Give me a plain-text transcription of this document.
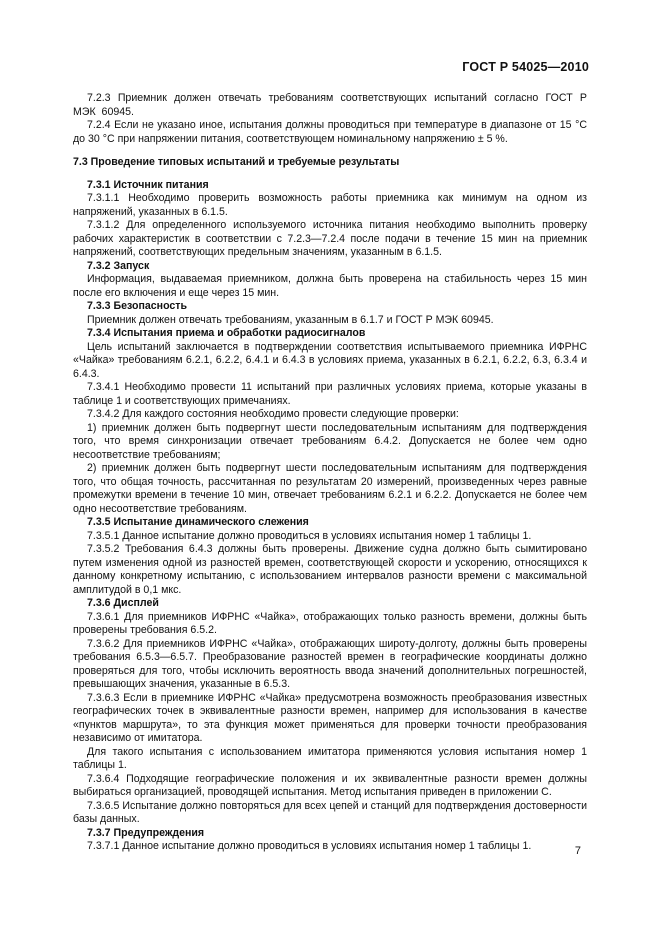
ГОСТ Р 54025—2010

7.2.3 Приемник должен отвечать требованиям соответствующих испытаний согласно ГОСТ Р МЭК 60945.

7.2.4 Если не указано иное, испытания должны проводиться при температуре в диапазоне от 15 °С до 30 °С при напряжении питания, соответствующем номинальному напряжению ± 5 %.

7.3 Проведение типовых испытаний и требуемые результаты

7.3.1 Источник питания

7.3.1.1 Необходимо проверить возможность работы приемника как минимум на одном из напряжений, указанных в 6.1.5.

7.3.1.2 Для определенного используемого источника питания необходимо выполнить проверку рабочих характеристик в соответствии с 7.2.3—7.2.4 после подачи в течение 15 мин на приемник напряжений, соответствующих предельным значениям, указанным в 6.1.5.

7.3.2 Запуск

Информация, выдаваемая приемником, должна быть проверена на стабильность через 15 мин после его включения и еще через 15 мин.

7.3.3 Безопасность

Приемник должен отвечать требованиям, указанным в 6.1.7 и ГОСТ Р МЭК 60945.

7.3.4 Испытания приема и обработки радиосигналов

Цель испытаний заключается в подтверждении соответствия испытываемого приемника ИФРНС «Чайка» требованиям 6.2.1, 6.2.2, 6.4.1 и 6.4.3 в условиях приема, указанных в 6.2.1, 6.2.2, 6.3, 6.3.4 и 6.4.3.

7.3.4.1 Необходимо провести 11 испытаний при различных условиях приема, которые указаны в таблице 1 и соответствующих примечаниях.

7.3.4.2 Для каждого состояния необходимо провести следующие проверки:

1) приемник должен быть подвергнут шести последовательным испытаниям для подтверждения того, что время синхронизации отвечает требованиям 6.4.2. Допускается не более чем одно несоответствие требованиям;

2) приемник должен быть подвергнут шести последовательным испытаниям для подтверждения того, что общая точность, рассчитанная по результатам 20 измерений, произведенных через равные промежутки времени в течение 10 мин, отвечает требованиям 6.2.1 и 6.2.2. Допускается не более чем одно несоответствие требованиям.

7.3.5 Испытание динамического слежения

7.3.5.1 Данное испытание должно проводиться в условиях испытания номер 1 таблицы 1.

7.3.5.2 Требования 6.4.3 должны быть проверены. Движение судна должно быть сымитировано путем изменения одной из разностей времен, соответствующей скорости и ускорению, относящихся к данному конкретному испытанию, с использованием интервалов разности времени с максимальной амплитудой в 0,1 мкс.

7.3.6 Дисплей

7.3.6.1 Для приемников ИФРНС «Чайка», отображающих только разность времени, должны быть проверены требования 6.5.2.

7.3.6.2 Для приемников ИФРНС «Чайка», отображающих широту-долготу, должны быть проверены требования 6.5.3—6.5.7. Преобразование разностей времен в географические координаты должно проверяться для того, чтобы исключить вероятность ввода значений дополнительных погрешностей, превышающих значения, указанные в 6.5.3.

7.3.6.3 Если в приемнике ИФРНС «Чайка» предусмотрена возможность преобразования известных географических точек в эквивалентные разности времен, например для использования в качестве «пунктов маршрута», то эта функция может применяться для проверки точности преобразования независимо от имитатора.

Для такого испытания с использованием имитатора применяются условия испытания номер 1 таблицы 1.

7.3.6.4 Подходящие географические положения и их эквивалентные разности времен должны выбираться организацией, проводящей испытания. Метод испытания приведен в приложении С.

7.3.6.5 Испытание должно повторяться для всех цепей и станций для подтверждения достоверности базы данных.

7.3.7 Предупреждения

7.3.7.1 Данное испытание должно проводиться в условиях испытания номер 1 таблицы 1.	7
